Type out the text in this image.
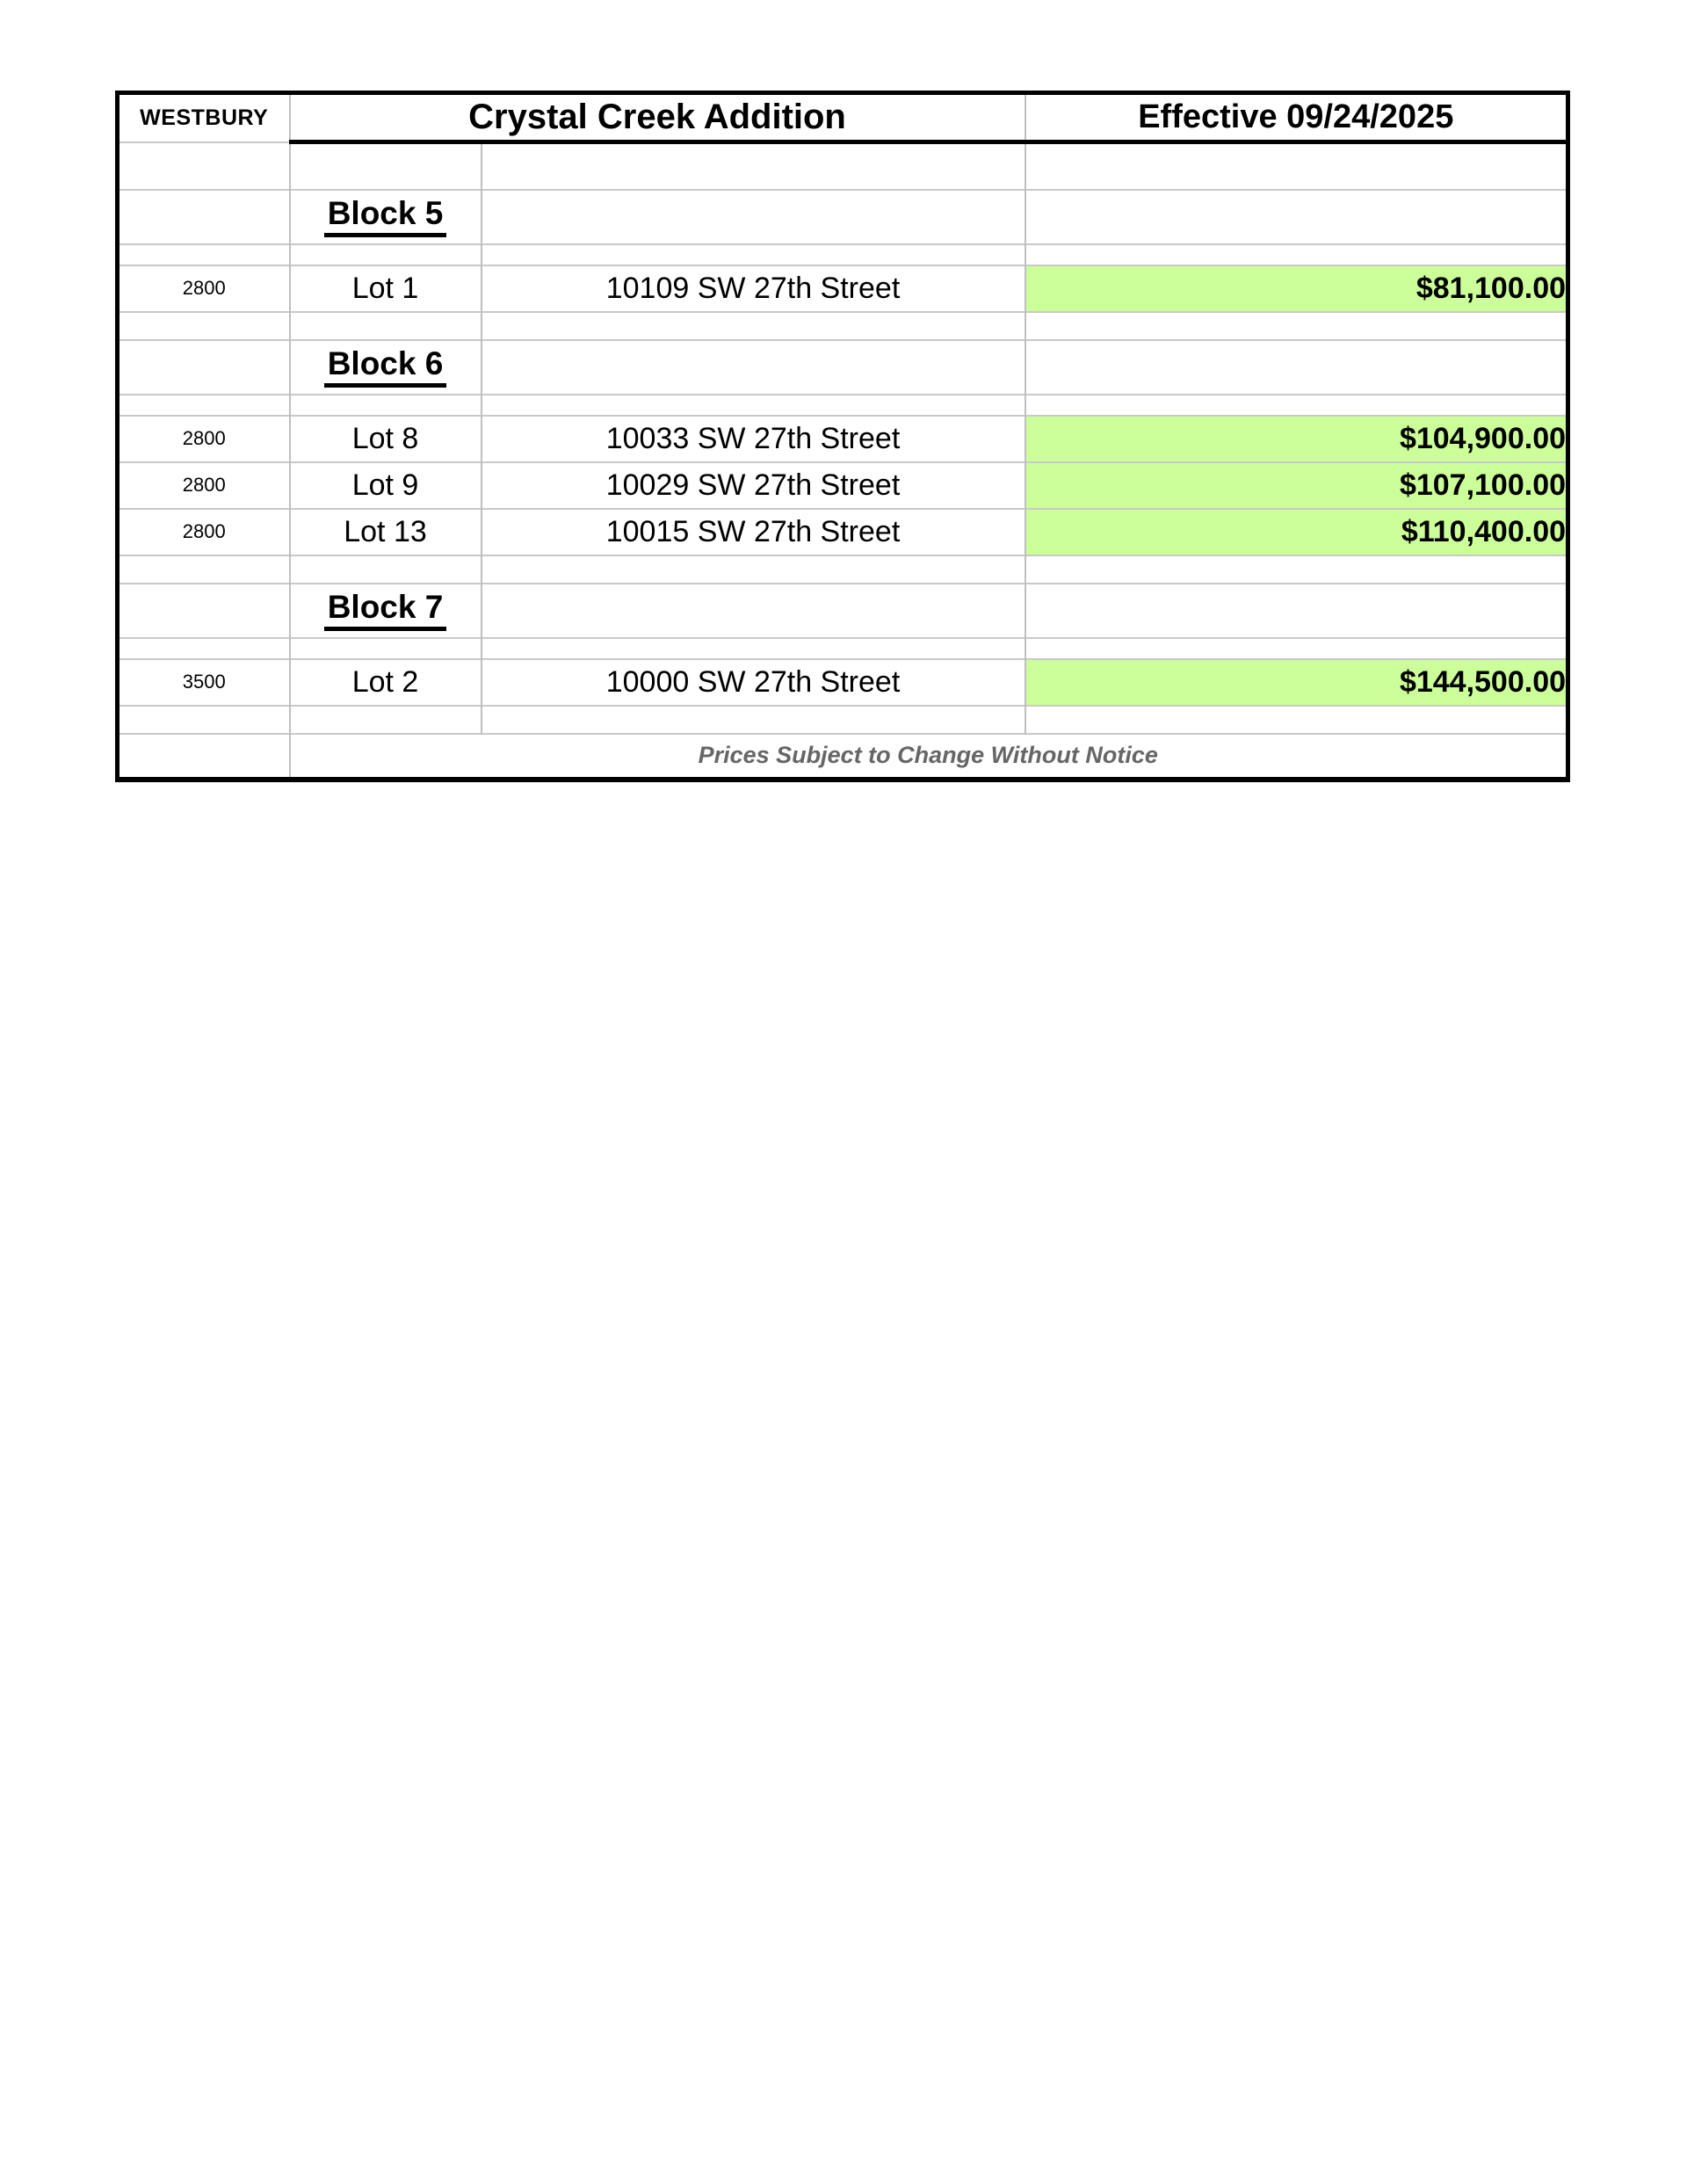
WESTBURY	Crystal Creek Addition		Effective 09/24/2025

	Block 5		

2800	Lot 1	10109 SW 27th Street	$81,100.00

	Block 6		

2800	Lot 8	10033 SW 27th Street	$104,900.00
2800	Lot 9	10029 SW 27th Street	$107,100.00
2800	Lot 13	10015 SW 27th Street	$110,400.00

	Block 7		

3500	Lot 2	10000 SW 27th Street	$144,500.00

	Prices Subject to Change Without Notice		
